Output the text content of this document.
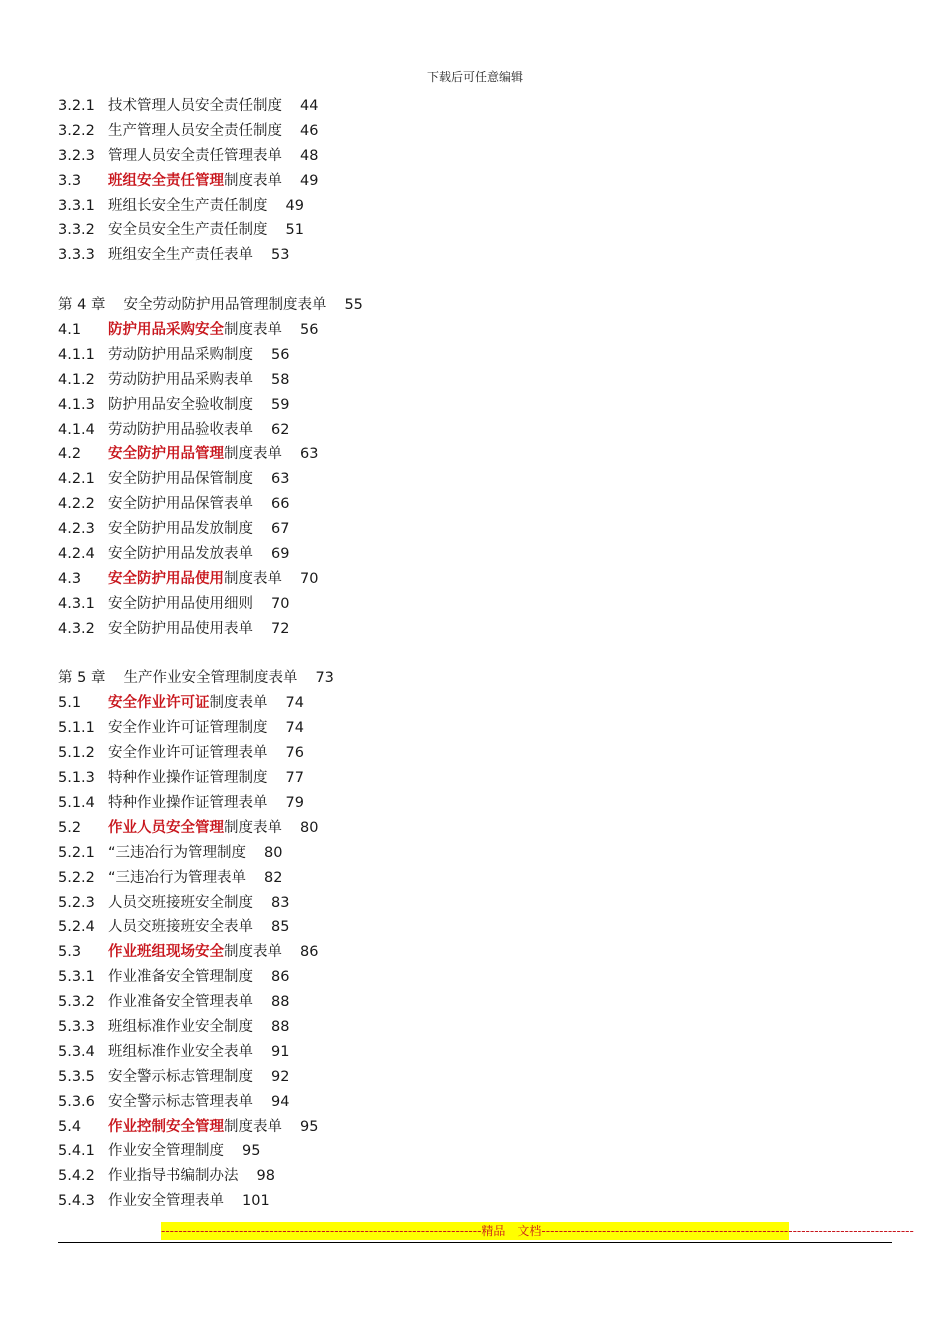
下载后可任意编辑
3.2.1 技术管理人员安全责任制度 44
3.2.2 生产管理人员安全责任制度 46
3.2.3 管理人员安全责任管理表单 48
3.3 班组安全责任管理制度表单 49
3.3.1 班组长安全生产责任制度 49
3.3.2 安全员安全生产责任制度 51
3.3.3 班组安全生产责任表单 53
第 4 章 安全劳动防护用品管理制度表单 55
4.1 防护用品采购安全制度表单 56
4.1.1 劳动防护用品采购制度 56
4.1.2 劳动防护用品采购表单 58
4.1.3 防护用品安全验收制度 59
4.1.4 劳动防护用品验收表单 62
4.2 安全防护用品管理制度表单 63
4.2.1 安全防护用品保管制度 63
4.2.2 安全防护用品保管表单 66
4.2.3 安全防护用品发放制度 67
4.2.4 安全防护用品发放表单 69
4.3 安全防护用品使用制度表单 70
4.3.1 安全防护用品使用细则 70
4.3.2 安全防护用品使用表单 72
第 5 章 生产作业安全管理制度表单 73
5.1 安全作业许可证制度表单 74
5.1.1 安全作业许可证管理制度 74
5.1.2 安全作业许可证管理表单 76
5.1.3 特种作业操作证管理制度 77
5.1.4 特种作业操作证管理表单 79
5.2 作业人员安全管理制度表单 80
5.2.1 “三违冶行为管理制度 80
5.2.2 “三违冶行为管理表单 82
5.2.3 人员交班接班安全制度 83
5.2.4 人员交班接班安全表单 85
5.3 作业班组现场安全制度表单 86
5.3.1 作业准备安全管理制度 86
5.3.2 作业准备安全管理表单 88
5.3.3 班组标准作业安全制度 88
5.3.4 班组标准作业安全表单 91
5.3.5 安全警示标志管理制度 92
5.3.6 安全警示标志管理表单 94
5.4 作业控制安全管理制度表单 95
5.4.1 作业安全管理制度 95
5.4.2 作业指导书编制办法 98
5.4.3 作业安全管理表单 101
--------------------------------------------------------------------------精品　文档--------------------------------------------------------------------------------------
